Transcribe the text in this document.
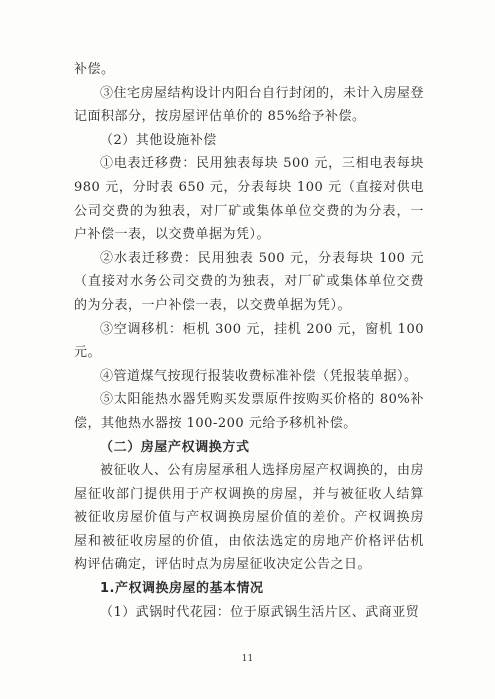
补偿。

③住宅房屋结构设计内阳台自行封闭的，未计入房屋登记面积部分，按房屋评估单价的 85%给予补偿。

（2）其他设施补偿

①电表迁移费：民用独表每块 500 元，三相电表每块 980 元，分时表 650 元，分表每块 100 元（直接对供电公司交费的为独表，对厂矿或集体单位交费的为分表，一户补偿一表，以交费单据为凭）。

②水表迁移费：民用独表 500 元，分表每块 100 元（直接对水务公司交费的为独表，对厂矿或集体单位交费的为分表，一户补偿一表，以交费单据为凭）。

③空调移机：柜机 300 元，挂机 200 元，窗机 100 元。

④管道煤气按现行报装收费标准补偿（凭报装单据）。

⑤太阳能热水器凭购买发票原件按购买价格的 80%补偿，其他热水器按 100-200 元给予移机补偿。

（二）房屋产权调换方式

被征收人、公有房屋承租人选择房屋产权调换的，由房屋征收部门提供用于产权调换的房屋，并与被征收人结算被征收房屋价值与产权调换房屋价值的差价。产权调换房屋和被征收房屋的价值，由依法选定的房地产价格评估机构评估确定，评估时点为房屋征收决定公告之日。

1.产权调换房屋的基本情况

（1）武锅时代花园：位于原武锅生活片区、武商亚贸

11
